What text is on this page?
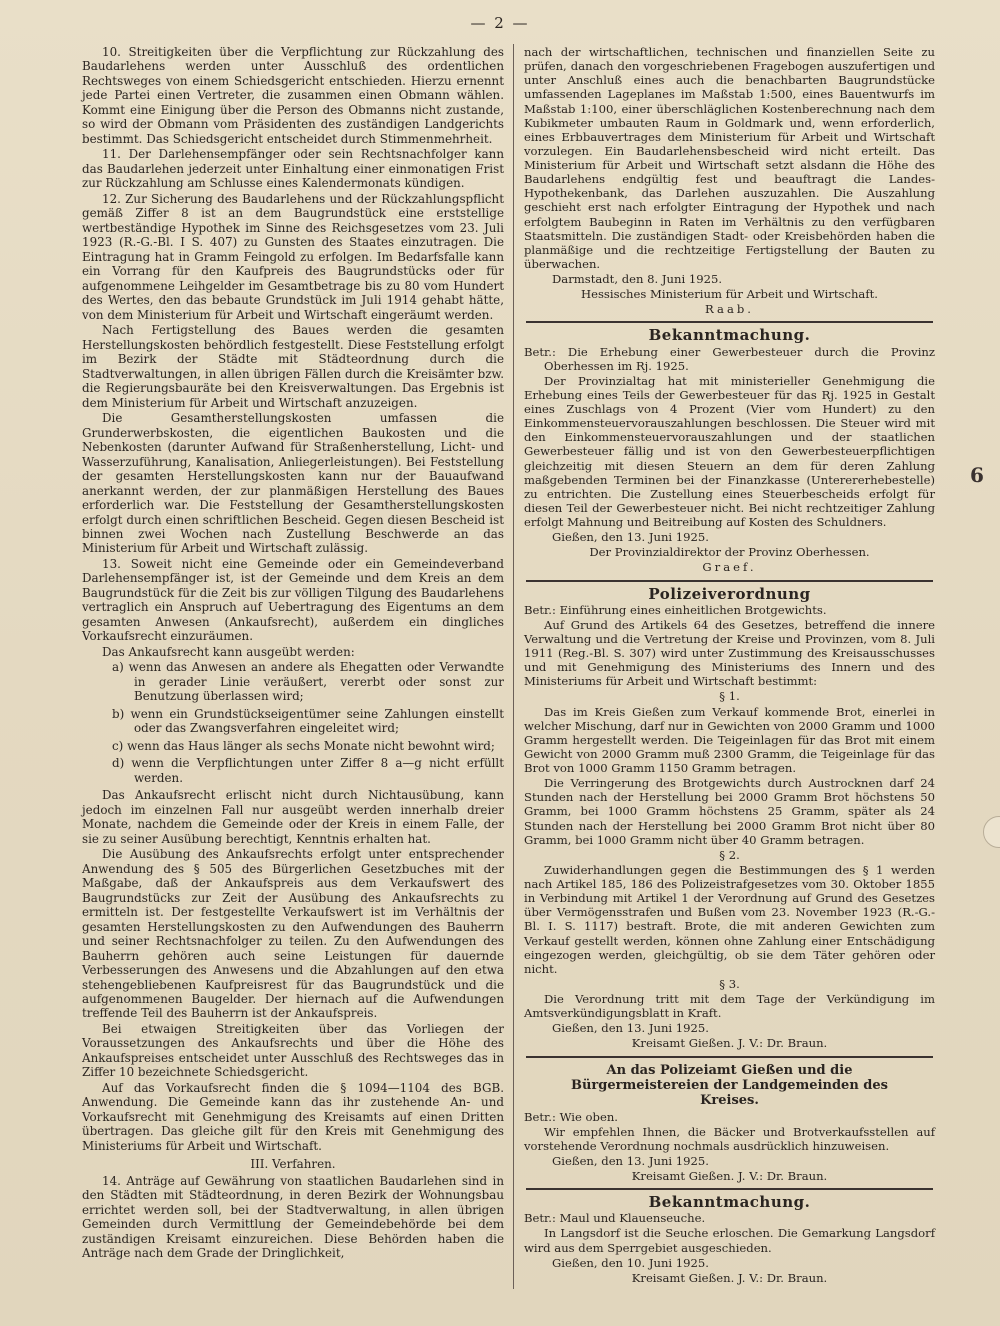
— 2 —

10. Streitigkeiten über die Verpflichtung zur Rückzahlung des Baudarlehens werden unter Ausschluß des ordentlichen Rechtsweges von einem Schiedsgericht entschieden. Hierzu ernennt jede Partei einen Vertreter, die zusammen einen Obmann wählen. Kommt eine Einigung über die Person des Obmanns nicht zustande, so wird der Obmann vom Präsidenten des zuständigen Landgerichts bestimmt. Das Schiedsgericht entscheidet durch Stimmenmehrheit.

11. Der Darlehensempfänger oder sein Rechtsnachfolger kann das Baudarlehen jederzeit unter Einhaltung einer einmonatigen Frist zur Rückzahlung am Schlusse eines Kalendermonats kündigen.

12. Zur Sicherung des Baudarlehens und der Rückzahlungspflicht gemäß Ziffer 8 ist an dem Baugrundstück eine erststellige wertbeständige Hypothek im Sinne des Reichsgesetzes vom 23. Juli 1923 (R.-G.-Bl. I S. 407) zu Gunsten des Staates einzutragen. Die Eintragung hat in Gramm Feingold zu erfolgen. Im Bedarfsfalle kann ein Vorrang für den Kaufpreis des Baugrundstücks oder für aufgenommene Leihgelder im Gesamtbetrage bis zu 80 vom Hundert des Wertes, den das bebaute Grundstück im Juli 1914 gehabt hätte, von dem Ministerium für Arbeit und Wirtschaft eingeräumt werden.

Nach Fertigstellung des Baues werden die gesamten Herstellungskosten behördlich festgestellt. Diese Feststellung erfolgt im Bezirk der Städte mit Städteordnung durch die Stadtverwaltungen, in allen übrigen Fällen durch die Kreisämter bzw. die Regierungsbauräte bei den Kreisverwaltungen. Das Ergebnis ist dem Ministerium für Arbeit und Wirtschaft anzuzeigen.

Die Gesamtherstellungskosten umfassen die Grunderwerbskosten, die eigentlichen Baukosten und die Nebenkosten (darunter Aufwand für Straßenherstellung, Licht- und Wasserzuführung, Kanalisation, Anliegerleistungen). Bei Feststellung der gesamten Herstellungskosten kann nur der Bauaufwand anerkannt werden, der zur planmäßigen Herstellung des Baues erforderlich war. Die Feststellung der Gesamtherstellungskosten erfolgt durch einen schriftlichen Bescheid. Gegen diesen Bescheid ist binnen zwei Wochen nach Zustellung Beschwerde an das Ministerium für Arbeit und Wirtschaft zulässig.

13. Soweit nicht eine Gemeinde oder ein Gemeindeverband Darlehensempfänger ist, ist der Gemeinde und dem Kreis an dem Baugrundstück für die Zeit bis zur völligen Tilgung des Baudarlehens vertraglich ein Anspruch auf Uebertragung des Eigentums an dem gesamten Anwesen (Ankaufsrecht), außerdem ein dingliches Vorkaufsrecht einzuräumen.

Das Ankaufsrecht kann ausgeübt werden:

a) wenn das Anwesen an andere als Ehegatten oder Verwandte in gerader Linie veräußert, vererbt oder sonst zur Benutzung überlassen wird;
b) wenn ein Grundstückseigentümer seine Zahlungen einstellt oder das Zwangsverfahren eingeleitet wird;
c) wenn das Haus länger als sechs Monate nicht bewohnt wird;
d) wenn die Verpflichtungen unter Ziffer 8 a—g nicht erfüllt werden.

Das Ankaufsrecht erlischt nicht durch Nichtausübung, kann jedoch im einzelnen Fall nur ausgeübt werden innerhalb dreier Monate, nachdem die Gemeinde oder der Kreis in einem Falle, der sie zu seiner Ausübung berechtigt, Kenntnis erhalten hat.

Die Ausübung des Ankaufsrechts erfolgt unter entsprechender Anwendung des § 505 des Bürgerlichen Gesetzbuches mit der Maßgabe, daß der Ankaufspreis aus dem Verkaufswert des Baugrundstücks zur Zeit der Ausübung des Ankaufsrechts zu ermitteln ist. Der festgestellte Verkaufswert ist im Verhältnis der gesamten Herstellungskosten zu den Aufwendungen des Bauherrn und seiner Rechtsnachfolger zu teilen. Zu den Aufwendungen des Bauherrn gehören auch seine Leistungen für dauernde Verbesserungen des Anwesens und die Abzahlungen auf den etwa stehengebliebenen Kaufpreisrest für das Baugrundstück und die aufgenommenen Baugelder. Der hiernach auf die Aufwendungen treffende Teil des Bauherrn ist der Ankaufspreis.

Bei etwaigen Streitigkeiten über das Vorliegen der Voraussetzungen des Ankaufsrechts und über die Höhe des Ankaufspreises entscheidet unter Ausschluß des Rechtsweges das in Ziffer 10 bezeichnete Schiedsgericht.

Auf das Vorkaufsrecht finden die § 1094—1104 des BGB. Anwendung. Die Gemeinde kann das ihr zustehende An- und Vorkaufsrecht mit Genehmigung des Kreisamts auf einen Dritten übertragen. Das gleiche gilt für den Kreis mit Genehmigung des Ministeriums für Arbeit und Wirtschaft.

III. Verfahren.

14. Anträge auf Gewährung von staatlichen Baudarlehen sind in den Städten mit Städteordnung, in deren Bezirk der Wohnungsbau errichtet werden soll, bei der Stadtverwaltung, in allen übrigen Gemeinden durch Vermittlung der Gemeindebehörde bei dem zuständigen Kreisamt einzureichen. Diese Behörden haben die Anträge nach dem Grade der Dringlichkeit,

nach der wirtschaftlichen, technischen und finanziellen Seite zu prüfen, danach den vorgeschriebenen Fragebogen auszufertigen und unter Anschluß eines auch die benachbarten Baugrundstücke umfassenden Lageplanes im Maßstab 1:500, eines Bauentwurfs im Maßstab 1:100, einer überschläglichen Kostenberechnung nach dem Kubikmeter umbauten Raum in Goldmark und, wenn erforderlich, eines Erbbauvertrages dem Ministerium für Arbeit und Wirtschaft vorzulegen. Ein Baudarlehensbescheid wird nicht erteilt. Das Ministerium für Arbeit und Wirtschaft setzt alsdann die Höhe des Baudarlehens endgültig fest und beauftragt die Landes-Hypothekenbank, das Darlehen auszuzahlen. Die Auszahlung geschieht erst nach erfolgter Eintragung der Hypothek und nach erfolgtem Baubeginn in Raten im Verhältnis zu den verfügbaren Staatsmitteln. Die zuständigen Stadt- oder Kreisbehörden haben die planmäßige und die rechtzeitige Fertigstellung der Bauten zu überwachen.

Darmstadt, den 8. Juni 1925.

Hessisches Ministerium für Arbeit und Wirtschaft.

Raab.

Bekanntmachung.

Betr.: Die Erhebung einer Gewerbesteuer durch die Provinz Oberhessen im Rj. 1925.

Der Provinzialtag hat mit ministerieller Genehmigung die Erhebung eines Teils der Gewerbesteuer für das Rj. 1925 in Gestalt eines Zuschlags von 4 Prozent (Vier vom Hundert) zu den Einkommensteuervorauszahlungen beschlossen. Die Steuer wird mit den Einkommensteuervorauszahlungen und der staatlichen Gewerbesteuer fällig und ist von den Gewerbesteuerpflichtigen gleichzeitig mit diesen Steuern an dem für deren Zahlung maßgebenden Terminen bei der Finanzkasse (Unterererhebestelle) zu entrichten. Die Zustellung eines Steuerbescheids erfolgt für diesen Teil der Gewerbesteuer nicht. Bei nicht rechtzeitiger Zahlung erfolgt Mahnung und Beitreibung auf Kosten des Schuldners.

Gießen, den 13. Juni 1925.

Der Provinzialdirektor der Provinz Oberhessen.

Graef.

Polizeiverordnung

Betr.: Einführung eines einheitlichen Brotgewichts.

Auf Grund des Artikels 64 des Gesetzes, betreffend die innere Verwaltung und die Vertretung der Kreise und Provinzen, vom 8. Juli 1911 (Reg.-Bl. S. 307) wird unter Zustimmung des Kreisausschusses und mit Genehmigung des Ministeriums des Innern und des Ministeriums für Arbeit und Wirtschaft bestimmt:

§ 1.

Das im Kreis Gießen zum Verkauf kommende Brot, einerlei in welcher Mischung, darf nur in Gewichten von 2000 Gramm und 1000 Gramm hergestellt werden. Die Teigeinlagen für das Brot mit einem Gewicht von 2000 Gramm muß 2300 Gramm, die Teigeinlage für das Brot von 1000 Gramm 1150 Gramm betragen.

Die Verringerung des Brotgewichts durch Austrocknen darf 24 Stunden nach der Herstellung bei 2000 Gramm Brot höchstens 50 Gramm, bei 1000 Gramm höchstens 25 Gramm, später als 24 Stunden nach der Herstellung bei 2000 Gramm Brot nicht über 80 Gramm, bei 1000 Gramm nicht über 40 Gramm betragen.

§ 2.

Zuwiderhandlungen gegen die Bestimmungen des § 1 werden nach Artikel 185, 186 des Polizeistrafgesetzes vom 30. Oktober 1855 in Verbindung mit Artikel 1 der Verordnung auf Grund des Gesetzes über Vermögensstrafen und Bußen vom 23. November 1923 (R.-G.-Bl. I. S. 1117) bestraft. Brote, die mit anderen Gewichten zum Verkauf gestellt werden, können ohne Zahlung einer Entschädigung eingezogen werden, gleichgültig, ob sie dem Täter gehören oder nicht.

§ 3.

Die Verordnung tritt mit dem Tage der Verkündigung im Amtsverkündigungsblatt in Kraft.

Gießen, den 13. Juni 1925.

Kreisamt Gießen. J. V.: Dr. Braun.

An das Polizeiamt Gießen und die Bürgermeistereien der Landgemeinden des Kreises.

Betr.: Wie oben.

Wir empfehlen Ihnen, die Bäcker und Brotverkaufsstellen auf vorstehende Verordnung nochmals ausdrücklich hinzuweisen.

Gießen, den 13. Juni 1925.

Kreisamt Gießen. J. V.: Dr. Braun.

Bekanntmachung.

Betr.: Maul und Klauenseuche.

In Langsdorf ist die Seuche erloschen. Die Gemarkung Langsdorf wird aus dem Sperrgebiet ausgeschieden.

Gießen, den 10. Juni 1925.

Kreisamt Gießen. J. V.: Dr. Braun.

6
